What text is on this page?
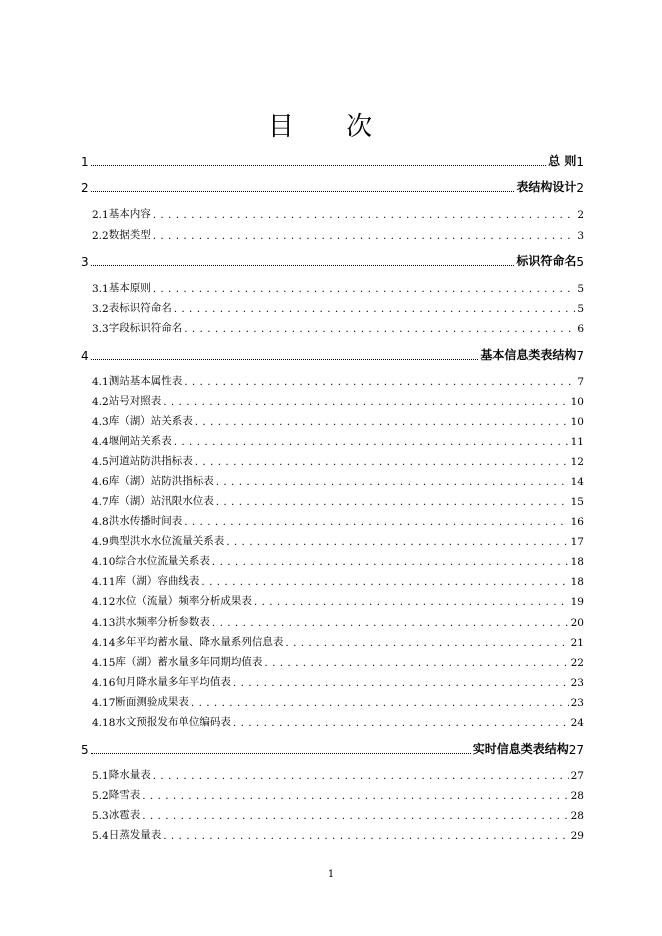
目 次
1	总 则 1
2	表结构设计 2
2.1 基本内容 . . .	2
2.2 数据类型 . . .	3
3	标识符命名 5
3.1 基本原则 . . .	5
3.2 表标识符命名 . . .	5
3.3 字段标识符命名 . . .	6
4	基本信息类表结构 7
4.1 测站基本属性表 . . .	7
4.2 站号对照表 . . .	10
4.3 库（湖）站关系表 . . .	10
4.4 堰闸站关系表 . . .	11
4.5 河道站防洪指标表 . . .	12
4.6 库（湖）站防洪指标表 . . .	14
4.7 库（湖）站汛限水位表 . . .	15
4.8 洪水传播时间表 . . .	16
4.9 典型洪水水位流量关系表 . . .	17
4.10 综合水位流量关系表 . . .	18
4.11 库（湖）容曲线表 . . .	18
4.12 水位（流量）频率分析成果表 . . .	19
4.13 洪水频率分析参数表 . . .	20
4.14 多年平均蓄水量、降水量系列信息表 . . .	21
4.15 库（湖）蓄水量多年同期均值表 . . .	22
4.16 旬月降水量多年平均值表 . . .	23
4.17 断面测验成果表 . . .	23
4.18 水文预报发布单位编码表 . . .	24
5	实时信息类表结构 27
5.1 降水量表 . . .	27
5.2 降雪表 . . .	28
5.3 冰雹表 . . .	28
5.4 日蒸发量表 . . .	29
1
